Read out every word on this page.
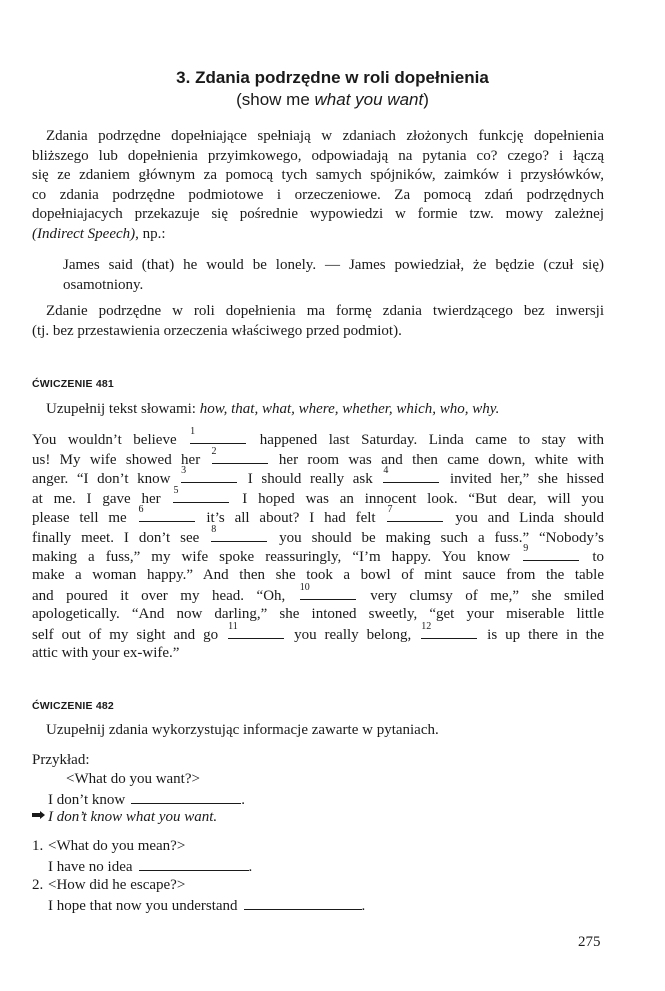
3. Zdania podrzędne w roli dopełnienia
(show me what you want)
Zdania podrzędne dopełniające spełniają w zdaniach złożonych funkcję dopełnienia
bliższego lub dopełnienia przyimkowego, odpowiadają na pytania co? czego? i łączą
się ze zdaniem głównym za pomocą tych samych spójników, zaimków i przysłówków,
co zdania podrzędne podmiotowe i orzeczeniowe. Za pomocą zdań podrzędnych
dopełniajacych przekazuje się pośrednie wypowiedzi w formie tzw. mowy zależnej
(Indirect Speech), np.:
James said (that) he would be lonely. — James powiedział, że będzie (czuł się)
osamotniony.
Zdanie podrzędne w roli dopełnienia ma formę zdania twierdzącego bez inwersji
(tj. bez przestawienia orzeczenia właściwego przed podmiot).
ĆWICZENIE 481
Uzupełnij tekst słowami: how, that, what, where, whether, which, who, why.
You wouldn’t believe
1
happened last Saturday. Linda came to stay with
us! My wife showed her
2
her room was and then came down, white with
anger. “I don’t know
3
I should really ask
4
invited her,” she hissed
at me. I gave her
5
I hoped was an innocent look. “But dear, will you
please tell me
6
it’s all about? I had felt
7
you and Linda should
finally meet. I don’t see
8
you should be making such a fuss.” “Nobody’s
making a fuss,” my wife spoke reassuringly, “I’m happy. You know
9
to
make a woman happy.” And then she took a bowl of mint sauce from the table
and poured it over my head. “Oh,
10
very clumsy of me,” she smiled
apologetically. “And now darling,” she intoned sweetly, “get your miserable little
self out of my sight and go
11
you really belong,
12
is up there in the
attic with your ex-wife.”
ĆWICZENIE 482
Uzupełnij zdania wykorzystując informacje zawarte w pytaniach.
Przykład:
<What do you want?>
I don’t know	.
I don’t know what you want.
1. <What do you mean?>
I have no idea	.
2. <How did he escape?>
I hope that now you understand	.
275
